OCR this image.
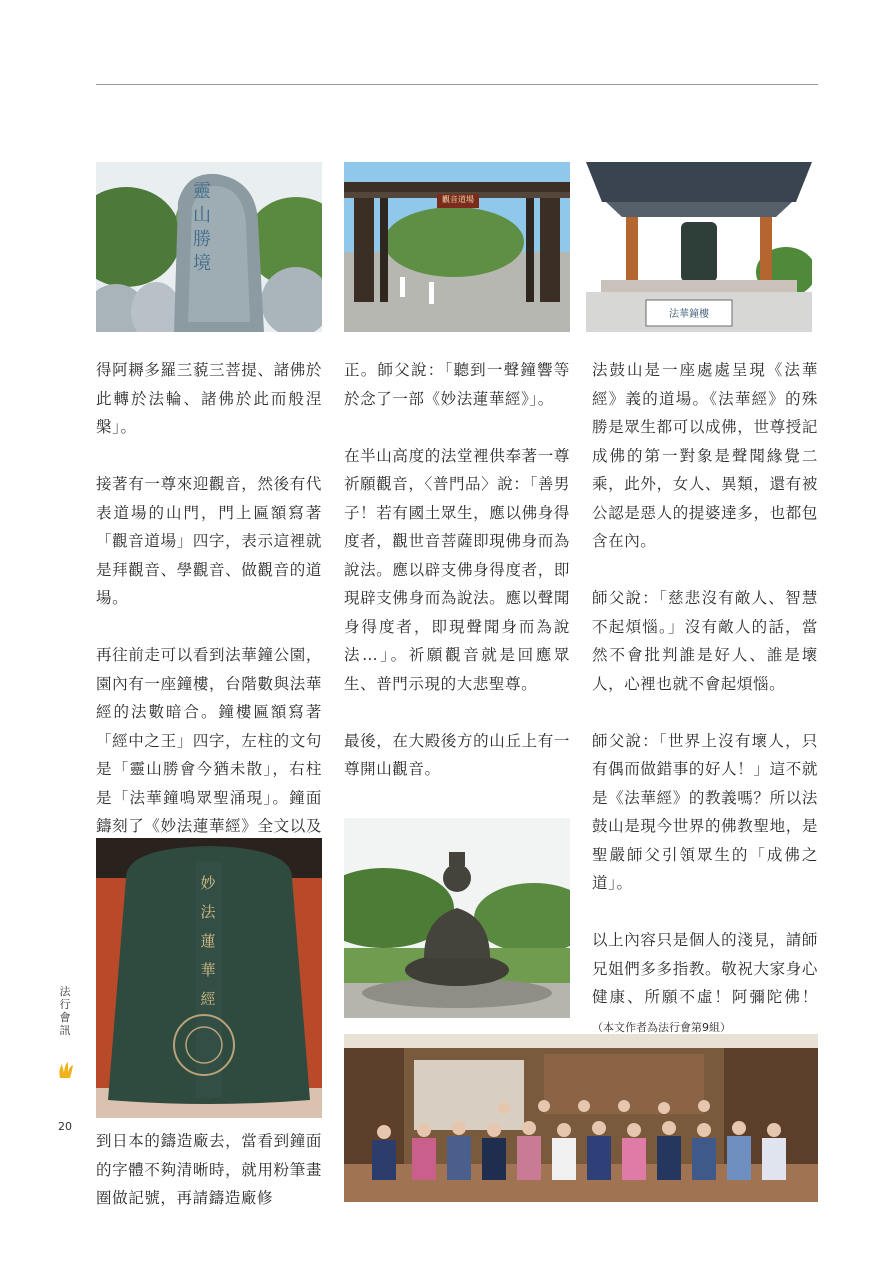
靈山勝境
觀音道場
法華鐘樓

得阿耨多羅三藐三菩提、諸佛於此轉於法輪、諸佛於此而般涅槃」。

接著有一尊來迎觀音，然後有代表道場的山門，門上匾額寫著「觀音道場」四字，表示這裡就是拜觀音、學觀音、做觀音的道場。

再往前走可以看到法華鐘公園，園內有一座鐘樓，台階數與法華經的法數暗合。鐘樓匾額寫著「經中之王」四字，左柱的文句是「靈山勝會今猶未散」，右柱是「法華鐘鳴眾聖涌現」。鐘面鑄刻了《妙法蓮華經》全文以及

妙
法
蓮
華
經

到日本的鑄造廠去，當看到鐘面的字體不夠清晰時，就用粉筆畫圈做記號，再請鑄造廠修

正。師父說：「聽到一聲鐘響等於念了一部《妙法蓮華經》」。

在半山高度的法堂裡供奉著一尊祈願觀音，〈普門品〉說：「善男子！若有國土眾生，應以佛身得度者，觀世音菩薩即現佛身而為說法。應以辟支佛身得度者，即現辟支佛身而為說法。應以聲聞身得度者，即現聲聞身而為說法…」。祈願觀音就是回應眾生、普門示現的大悲聖尊。

最後，在大殿後方的山丘上有一尊開山觀音。

法鼓山是一座處處呈現《法華經》義的道場。《法華經》的殊勝是眾生都可以成佛，世尊授記成佛的第一對象是聲聞緣覺二乘，此外，女人、異類，還有被公認是惡人的提婆達多，也都包含在內。

師父說：「慈悲沒有敵人、智慧不起煩惱。」沒有敵人的話，當然不會批判誰是好人、誰是壞人，心裡也就不會起煩惱。

師父說：「世界上沒有壞人，只有偶而做錯事的好人！」這不就是《法華經》的教義嗎？所以法鼓山是現今世界的佛教聖地，是聖嚴師父引領眾生的「成佛之道」。

以上內容只是個人的淺見，請師兄姐們多多指教。敬祝大家身心健康、所願不虛！阿彌陀佛！（本文作者為法行會第9組）

法行會訊
20
